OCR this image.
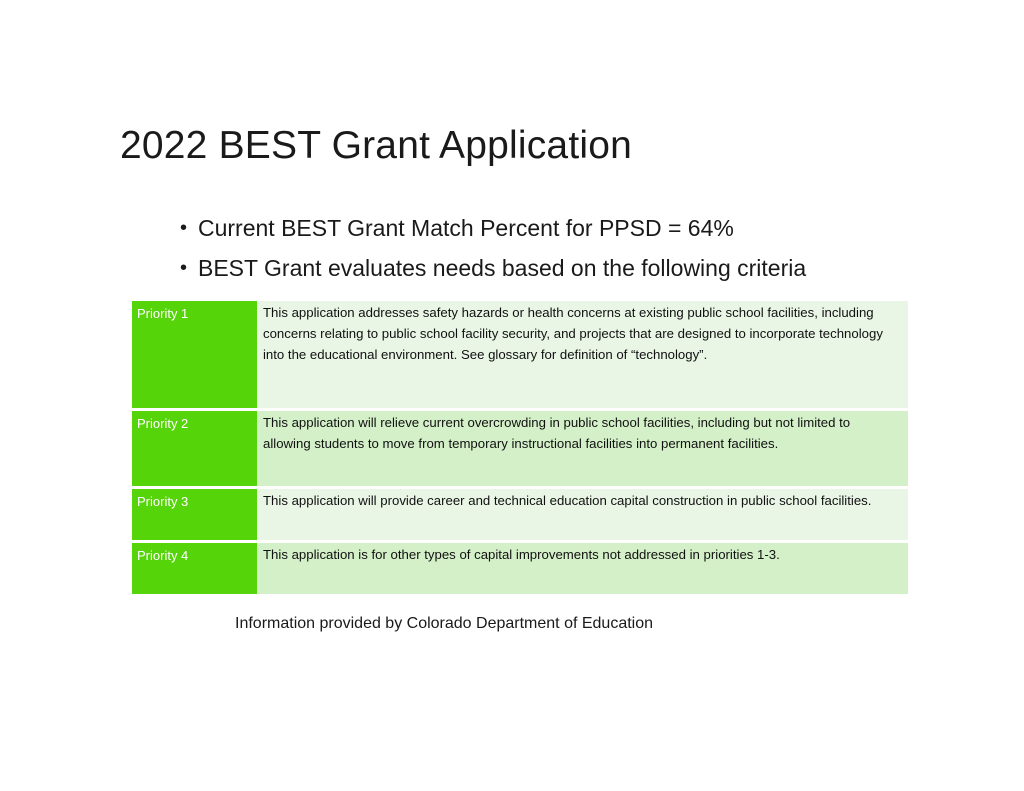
2022 BEST Grant Application
• Current BEST Grant Match Percent for PPSD = 64%
• BEST Grant evaluates needs based on the following criteria
Priority 1	This application addresses safety hazards or health concerns at existing public school facilities, including concerns relating to public school facility security, and projects that are designed to incorporate technology into the educational environment. See glossary for definition of “technology”.
Priority 2	This application will relieve current overcrowding in public school facilities, including but not limited to allowing students to move from temporary instructional facilities into permanent facilities.
Priority 3	This application will provide career and technical education capital construction in public school facilities.
Priority 4	This application is for other types of capital improvements not addressed in priorities 1-3.
Information provided by Colorado Department of Education
